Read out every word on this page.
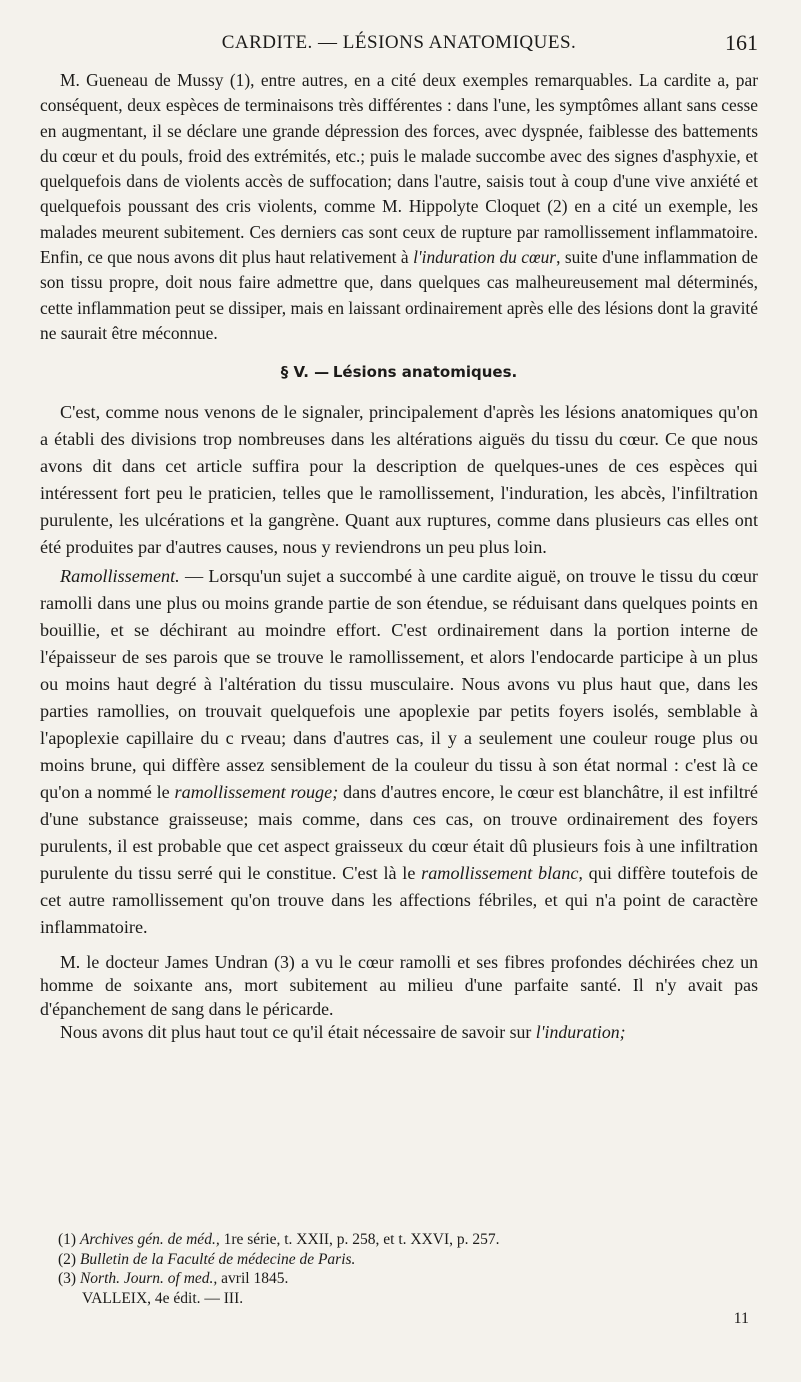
CARDITE. — LÉSIONS ANATOMIQUES.	161

M. Gueneau de Mussy (1), entre autres, en a cité deux exemples remarquables. La cardite a, par conséquent, deux espèces de terminaisons très différentes : dans l'une, les symptômes allant sans cesse en augmentant, il se déclare une grande dépression des forces, avec dyspnée, faiblesse des battements du cœur et du pouls, froid des extrémités, etc.; puis le malade succombe avec des signes d'asphyxie, et quelquefois dans de violents accès de suffocation; dans l'autre, saisis tout à coup d'une vive anxiété et quelquefois poussant des cris violents, comme M. Hippolyte Cloquet (2) en a cité un exemple, les malades meurent subitement. Ces derniers cas sont ceux de rupture par ramollissement inflammatoire. Enfin, ce que nous avons dit plus haut relativement à l'induration du cœur, suite d'une inflammation de son tissu propre, doit nous faire admettre que, dans quelques cas malheureusement mal déterminés, cette inflammation peut se dissiper, mais en laissant ordinairement après elle des lésions dont la gravité ne saurait être méconnue.

§ V. — Lésions anatomiques.

C'est, comme nous venons de le signaler, principalement d'après les lésions anatomiques qu'on a établi des divisions trop nombreuses dans les altérations aiguës du tissu du cœur. Ce que nous avons dit dans cet article suffira pour la description de quelques-unes de ces espèces qui intéressent fort peu le praticien, telles que le ramollissement, l'induration, les abcès, l'infiltration purulente, les ulcérations et la gangrène. Quant aux ruptures, comme dans plusieurs cas elles ont été produites par d'autres causes, nous y reviendrons un peu plus loin.

Ramollissement. — Lorsqu'un sujet a succombé à une cardite aiguë, on trouve le tissu du cœur ramolli dans une plus ou moins grande partie de son étendue, se réduisant dans quelques points en bouillie, et se déchirant au moindre effort. C'est ordinairement dans la portion interne de l'épaisseur de ses parois que se trouve le ramollissement, et alors l'endocarde participe à un plus ou moins haut degré à l'altération du tissu musculaire. Nous avons vu plus haut que, dans les parties ramollies, on trouvait quelquefois une apoplexie par petits foyers isolés, semblable à l'apoplexie capillaire du c rveau; dans d'autres cas, il y a seulement une couleur rouge plus ou moins brune, qui diffère assez sensiblement de la couleur du tissu à son état normal : c'est là ce qu'on a nommé le ramollissement rouge; dans d'autres encore, le cœur est blanchâtre, il est infiltré d'une substance graisseuse; mais comme, dans ces cas, on trouve ordinairement des foyers purulents, il est probable que cet aspect graisseux du cœur était dû plusieurs fois à une infiltration purulente du tissu serré qui le constitue. C'est là le ramollissement blanc, qui diffère toutefois de cet autre ramollissement qu'on trouve dans les affections fébriles, et qui n'a point de caractère inflammatoire.

M. le docteur James Undran (3) a vu le cœur ramolli et ses fibres profondes déchirées chez un homme de soixante ans, mort subitement au milieu d'une parfaite santé. Il n'y avait pas d'épanchement de sang dans le péricarde.

Nous avons dit plus haut tout ce qu'il était nécessaire de savoir sur l'induration;

(1) Archives gén. de méd., 1re série, t. XXII, p. 258, et t. XXVI, p. 257.
(2) Bulletin de la Faculté de médecine de Paris.
(3) North. Journ. of med., avril 1845.
VALLEIX, 4e édit. — III.
11
